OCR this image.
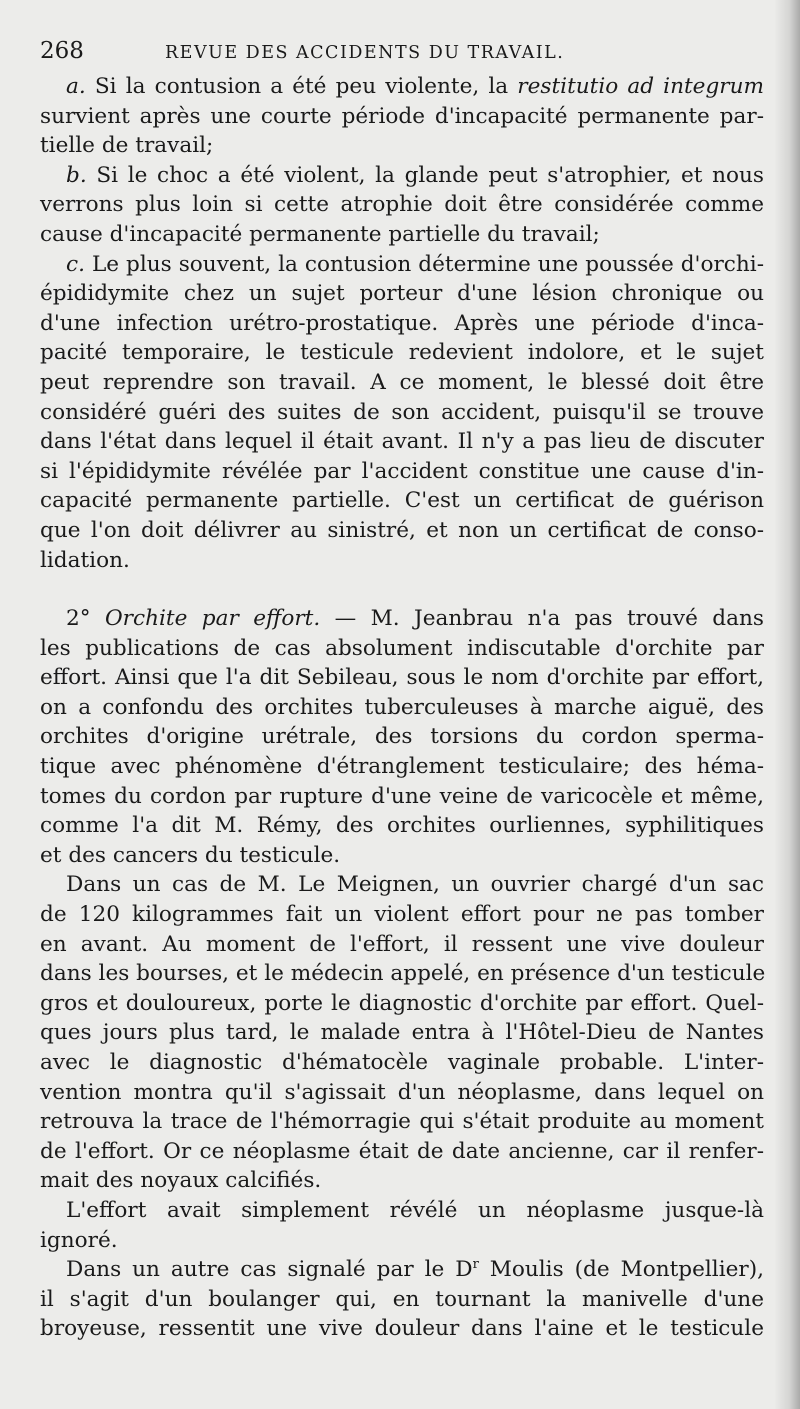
268	REVUE DES ACCIDENTS DU TRAVAIL.
a. Si la contusion a été peu violente, la restitutio ad integrum
survient après une courte période d'incapacité permanente par-
tielle de travail;
b. Si le choc a été violent, la glande peut s'atrophier, et nous
verrons plus loin si cette atrophie doit être considérée comme
cause d'incapacité permanente partielle du travail;
c. Le plus souvent, la contusion détermine une poussée d'orchi-
épididymite chez un sujet porteur d'une lésion chronique ou
d'une infection urétro-prostatique. Après une période d'inca-
pacité temporaire, le testicule redevient indolore, et le sujet
peut reprendre son travail. A ce moment, le blessé doit être
considéré guéri des suites de son accident, puisqu'il se trouve
dans l'état dans lequel il était avant. Il n'y a pas lieu de discuter
si l'épididymite révélée par l'accident constitue une cause d'in-
capacité permanente partielle. C'est un certificat de guérison
que l'on doit délivrer au sinistré, et non un certificat de conso-
lidation.
2° Orchite par effort. — M. Jeanbrau n'a pas trouvé dans
les publications de cas absolument indiscutable d'orchite par
effort. Ainsi que l'a dit Sebileau, sous le nom d'orchite par effort,
on a confondu des orchites tuberculeuses à marche aiguë, des
orchites d'origine urétrale, des torsions du cordon sperma-
tique avec phénomène d'étranglement testiculaire; des héma-
tomes du cordon par rupture d'une veine de varicocèle et même,
comme l'a dit M. Rémy, des orchites ourliennes, syphilitiques
et des cancers du testicule.
Dans un cas de M. Le Meignen, un ouvrier chargé d'un sac
de 120 kilogrammes fait un violent effort pour ne pas tomber
en avant. Au moment de l'effort, il ressent une vive douleur
dans les bourses, et le médecin appelé, en présence d'un testicule
gros et douloureux, porte le diagnostic d'orchite par effort. Quel-
ques jours plus tard, le malade entra à l'Hôtel-Dieu de Nantes
avec le diagnostic d'hématocèle vaginale probable. L'inter-
vention montra qu'il s'agissait d'un néoplasme, dans lequel on
retrouva la trace de l'hémorragie qui s'était produite au moment
de l'effort. Or ce néoplasme était de date ancienne, car il renfer-
mait des noyaux calcifiés.
L'effort avait simplement révélé un néoplasme jusque-là
ignoré.
Dans un autre cas signalé par le $D^r$ Moulis (de Montpellier),
il s'agit d'un boulanger qui, en tournant la manivelle d'une
broyeuse, ressentit une vive douleur dans l'aine et le testicule
